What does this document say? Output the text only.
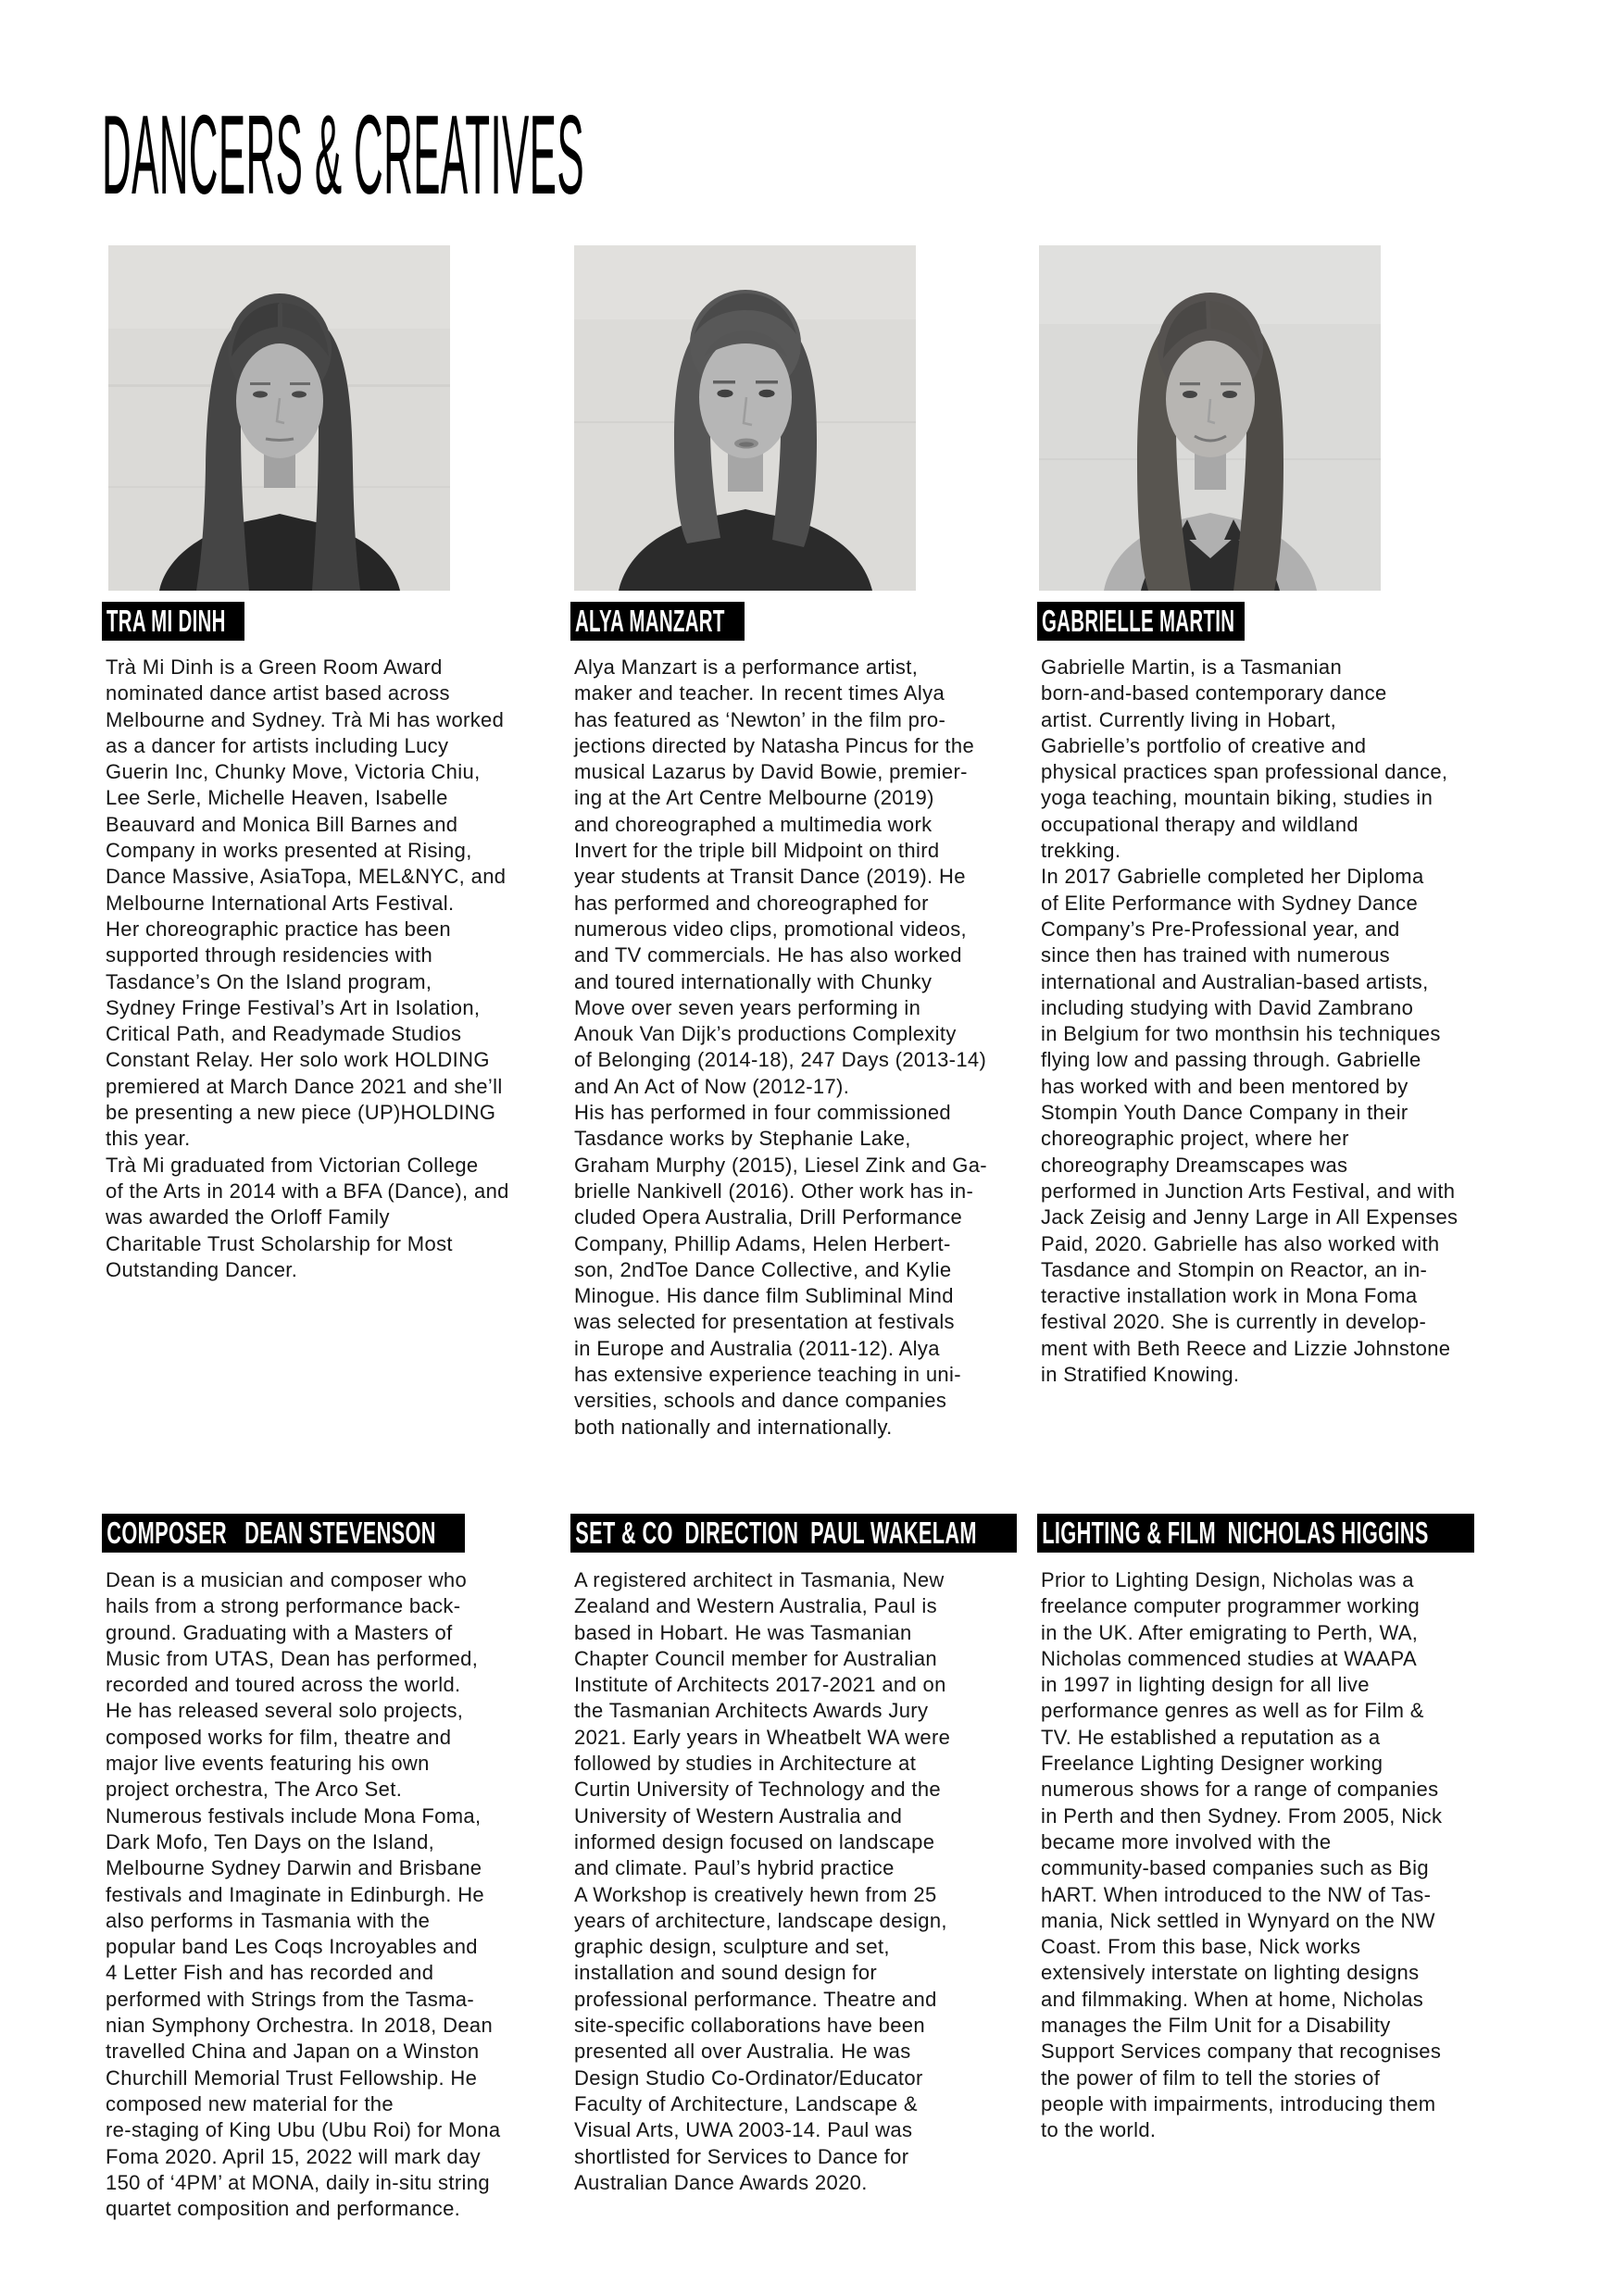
DANCERS & CREATIVES
TRA MI DINH	ALYA MANZART	GABRIELLE MARTIN
Trà Mi Dinh is a Green Room Award
nominated dance artist based across
Melbourne and Sydney. Trà Mi has worked
as a dancer for artists including Lucy
Guerin Inc, Chunky Move, Victoria Chiu,
Lee Serle, Michelle Heaven, Isabelle
Beauvard and Monica Bill Barnes and
Company in works presented at Rising,
Dance Massive, AsiaTopa, MEL&NYC, and
Melbourne International Arts Festival.
Her choreographic practice has been
supported through residencies with
Tasdance’s On the Island program,
Sydney Fringe Festival’s Art in Isolation,
Critical Path, and Readymade Studios
Constant Relay. Her solo work HOLDING
premiered at March Dance 2021 and she’ll
be presenting a new piece (UP)HOLDING
this year.
Trà Mi graduated from Victorian College
of the Arts in 2014 with a BFA (Dance), and
was awarded the Orloff Family
Charitable Trust Scholarship for Most
Outstanding Dancer.
Alya Manzart is a performance artist,
maker and teacher. In recent times Alya
has featured as ‘Newton’ in the film pro-
jections directed by Natasha Pincus for the
musical Lazarus by David Bowie, premier-
ing at the Art Centre Melbourne (2019)
and choreographed a multimedia work
Invert for the triple bill Midpoint on third
year students at Transit Dance (2019). He
has performed and choreographed for
numerous video clips, promotional videos,
and TV commercials. He has also worked
and toured internationally with Chunky
Move over seven years performing in
Anouk Van Dijk’s productions Complexity
of Belonging (2014-18), 247 Days (2013-14)
and An Act of Now (2012-17).
His has performed in four commissioned
Tasdance works by Stephanie Lake,
Graham Murphy (2015), Liesel Zink and Ga-
brielle Nankivell (2016). Other work has in-
cluded Opera Australia, Drill Performance
Company, Phillip Adams, Helen Herbert-
son, 2ndToe Dance Collective, and Kylie
Minogue. His dance film Subliminal Mind
was selected for presentation at festivals
in Europe and Australia (2011-12). Alya
has extensive experience teaching in uni-
versities, schools and dance companies
both nationally and internationally.
Gabrielle Martin, is a Tasmanian
born-and-based contemporary dance
artist. Currently living in Hobart,
Gabrielle’s portfolio of creative and
physical practices span professional dance,
yoga teaching, mountain biking, studies in
occupational therapy and wildland
trekking.
In 2017 Gabrielle completed her Diploma
of Elite Performance with Sydney Dance
Company’s Pre-Professional year, and
since then has trained with numerous
international and Australian-based artists,
including studying with David Zambrano
in Belgium for two monthsin his techniques
flying low and passing through. Gabrielle
has worked with and been mentored by
Stompin Youth Dance Company in their
choreographic project, where her
choreography Dreamscapes was
performed in Junction Arts Festival, and with
Jack Zeisig and Jenny Large in All Expenses
Paid, 2020. Gabrielle has also worked with
Tasdance and Stompin on Reactor, an in-
teractive installation work in Mona Foma
festival 2020. She is currently in develop-
ment with Beth Reece and Lizzie Johnstone
in Stratified Knowing.
COMPOSER   DEAN STEVENSON	SET & CO  DIRECTION  PAUL WAKELAM LIGHTING & FILM  NICHOLAS HIGGINS
Dean is a musician and composer who
hails from a strong performance back-
ground. Graduating with a Masters of
Music from UTAS, Dean has performed,
recorded and toured across the world.
He has released several solo projects,
composed works for film, theatre and
major live events featuring his own
project orchestra, The Arco Set.
Numerous festivals include Mona Foma,
Dark Mofo, Ten Days on the Island,
Melbourne Sydney Darwin and Brisbane
festivals and Imaginate in Edinburgh. He
also performs in Tasmania with the
popular band Les Coqs Incroyables and
4 Letter Fish and has recorded and
performed with Strings from the Tasma-
nian Symphony Orchestra. In 2018, Dean
travelled China and Japan on a Winston
Churchill Memorial Trust Fellowship. He
composed new material for the
re-staging of King Ubu (Ubu Roi) for Mona
Foma 2020. April 15, 2022 will mark day
150 of ‘4PM’ at MONA, daily in-situ string
quartet composition and performance.
A registered architect in Tasmania, New
Zealand and Western Australia, Paul is
based in Hobart. He was Tasmanian
Chapter Council member for Australian
Institute of Architects 2017-2021 and on
the Tasmanian Architects Awards Jury
2021. Early years in Wheatbelt WA were
followed by studies in Architecture at
Curtin University of Technology and the
University of Western Australia and
informed design focused on landscape
and climate. Paul’s hybrid practice
A Workshop is creatively hewn from 25
years of architecture, landscape design,
graphic design, sculpture and set,
installation and sound design for
professional performance. Theatre and
site-specific collaborations have been
presented all over Australia. He was
Design Studio Co-Ordinator/Educator
Faculty of Architecture, Landscape &
Visual Arts, UWA 2003-14. Paul was
shortlisted for Services to Dance for
Australian Dance Awards 2020.
Prior to Lighting Design, Nicholas was a
freelance computer programmer working
in the UK. After emigrating to Perth, WA,
Nicholas commenced studies at WAAPA
in 1997 in lighting design for all live
performance genres as well as for Film &
TV. He established a reputation as a
Freelance Lighting Designer working
numerous shows for a range of companies
in Perth and then Sydney. From 2005, Nick
became more involved with the
community-based companies such as Big
hART. When introduced to the NW of Tas-
mania, Nick settled in Wynyard on the NW
Coast. From this base, Nick works
extensively interstate on lighting designs
and filmmaking. When at home, Nicholas
manages the Film Unit for a Disability
Support Services company that recognises
the power of film to tell the stories of
people with impairments, introducing them
to the world.
